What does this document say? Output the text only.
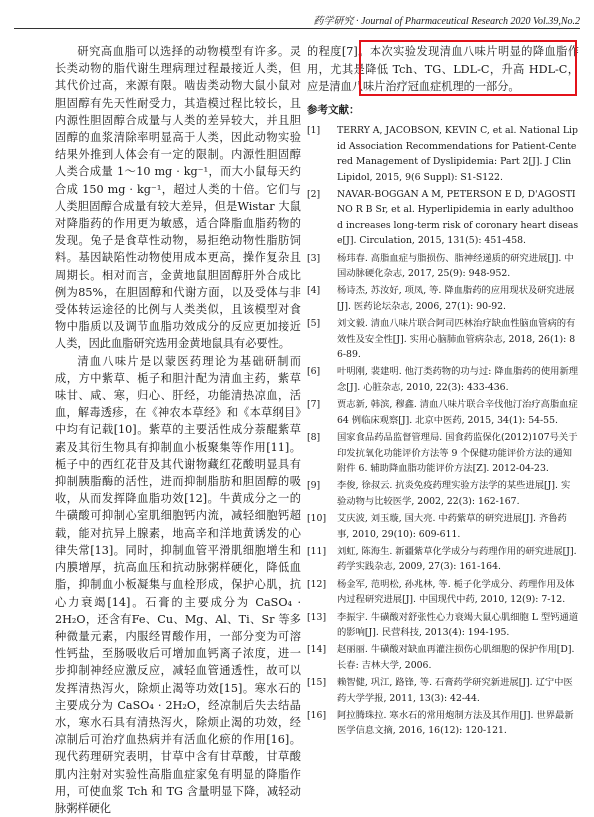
药学研究 · Journal of Pharmaceutical Research 2020 Vol.39,No.2

研究高血脂可以选择的动物模型有许多。灵长类动物的脂代谢生理病理过程最接近人类，但其代价过高，来源有限。啮齿类动物大鼠小鼠对胆固醇有先天性耐受力，其造模过程比较长，且内源性胆固醇合成量与人类的差异较大，并且胆固醇的血浆清除率明显高于人类，因此动物实验结果外推到人体会有一定的限制。内源性胆固醇人类合成量 1～10 mg · kg⁻¹，而大小鼠每天约合成 150 mg · kg⁻¹，超过人类的十倍。它们与人类胆固醇合成量有较大差异，但是Wistar 大鼠对降脂药的作用更为敏感，适合降脂血脂药物的发现。兔子是食草性动物，易拒绝动物性脂肪饲料。基因缺陷性动物使用成本更高，操作复杂且周期长。相对而言，金黄地鼠胆固醇肝外合成比例为85%，在胆固醇和代谢方面，以及受体与非受体转运途径的比例与人类类似，且该模型对食物中脂质以及调节血脂功效成分的反应更加接近人类，因此血脂研究选用金黄地鼠具有必要性。

清血八味片是以蒙医药理论为基础研制而成，方中紫草、栀子和胆汁配为清血主药，紫草味甘、咸、寒，归心、肝经，功能清热凉血，活血，解毒透疹，在《神农本草经》和《本草纲目》中均有记载[10]。紫草的主要活性成分萘醌紫草素及其衍生物具有抑制血小板聚集等作用[11]。栀子中的西红花苷及其代谢物藏红花酸明显具有抑制胰脂酶的活性，进而抑制脂肪和胆固醇的吸收，从而发挥降血脂功效[12]。牛黄成分之一的牛磺酸可抑制心室肌细胞钙内流，减轻细胞钙超载，能对抗异上腺素，地高辛和洋地黄诱发的心律失常[13]。同时，抑制血管平滑肌细胞增生和内膜增厚，抗高血压和抗动脉粥样硬化，降低血脂，抑制血小板凝集与血栓形成，保护心肌，抗心力衰竭[14]。石膏的主要成分为 CaSO₄ · 2H₂O，还含有Fe、Cu、Mg、Al、Ti、Sr 等多种微量元素，内服经胃酸作用，一部分变为可溶性钙盐，至肠吸收后可增加血钙离子浓度，进一步抑制神经应激反应，减轻血管通透性，故可以发挥清热泻火，除烦止渴等功效[15]。寒水石的主要成分为 CaSO₄ · 2H₂O，经凉制后失去结晶水，寒水石具有清热泻火，除烦止渴的功效，经凉制后可治疗血热病并有活血化瘀的作用[16]。现代药理研究表明，甘草中含有甘草酸，甘草酸肌内注射对实验性高脂血症家兔有明显的降脂作用，可使血浆 Tch 和 TG 含量明显下降，减轻动脉粥样硬化

的程度[7]。本次实验发现清血八味片明显的降血脂作用，尤其是降低 Tch、TG、LDL-C，升高 HDL-C，应是清血八味片治疗冠血症机理的一部分。

参考文献：
[1]	TERRY A, JACOBSON, KEVIN C, et al. National Lipid Association Recommendations for Patient-Centered Management of Dyslipidemia: Part 2[J]. J Clin Lipidol, 2015, 9(6 Suppl): S1-S122.
[2]	NAVAR-BOGGAN A M, PETERSON E D, D'AGOSTINO R B Sr, et al. Hyperlipidemia in early adulthood increases long-term risk of coronary heart disease[J]. Circulation, 2015, 131(5): 451-458.
[3]	杨玮春. 高脂血症与脂损伤、脂神经递质的研究进展[J]. 中国动脉硬化杂志, 2017, 25(9): 948-952.
[4]	杨诗杰, 苏汝好, 项凤, 等. 降血脂药的应用现状及研究进展[J]. 医药论坛杂志, 2006, 27(1): 90-92.
[5]	刘文毅. 清血八味片联合阿司匹林治疗缺血性脑血管病的有效性及安全性[J]. 实用心脑肺血管病杂志, 2018, 26(1): 86-89.
[6]	叶明刚, 裴建明. 他汀类药物的功与过: 降血脂药的使用新理念[J]. 心脏杂志, 2010, 22(3): 433-436.
[7]	贾志新, 韩滨, 穆鑫. 清血八味片联合辛伐他汀治疗高脂血症 64 例临床观察[J]. 北京中医药, 2015, 34(1): 54-55.
[8]	国家食品药品监督管理局. 国食药监保化(2012)107号关于印发抗氧化功能评价方法等 9 个保健功能评价方法的通知附件 6. 辅助降血脂功能评价方法[Z]. 2012-04-23.
[9]	李俊, 徐叔云. 抗炎免疫药理实验方法学的某些进展[J]. 实验动物与比较医学, 2002, 22(3): 162-167.
[10]	艾庆波, 刘玉璇, 国大亮. 中药紫草的研究进展[J]. 齐鲁药事, 2010, 29(10): 609-611.
[11]	刘虹, 陈海生. 新疆紫草化学成分与药理作用的研究进展[J]. 药学实践杂志, 2009, 27(3): 161-164.
[12]	杨金军, 范明松, 孙兆林, 等. 栀子化学成分、药理作用及体内过程研究进展[J]. 中国现代中药, 2010, 12(9): 7-12.
[13]	李振宇. 牛磺酸对舒张性心力衰竭大鼠心肌细胞 L 型钙通道的影响[J]. 民营科技, 2013(4): 194-195.
[14]	赵丽丽. 牛磺酸对缺血再灌注损伤心肌细胞的保护作用[D]. 长春: 吉林大学, 2006.
[15]	赖智健, 巩江, 路锋, 等. 石膏药学研究新进展[J]. 辽宁中医药大学学报, 2011, 13(3): 42-44.
[16]	阿拉腾珠拉. 寒水石的常用炮制方法及其作用[J]. 世界最新医学信息文摘, 2016, 16(12): 120-121.
